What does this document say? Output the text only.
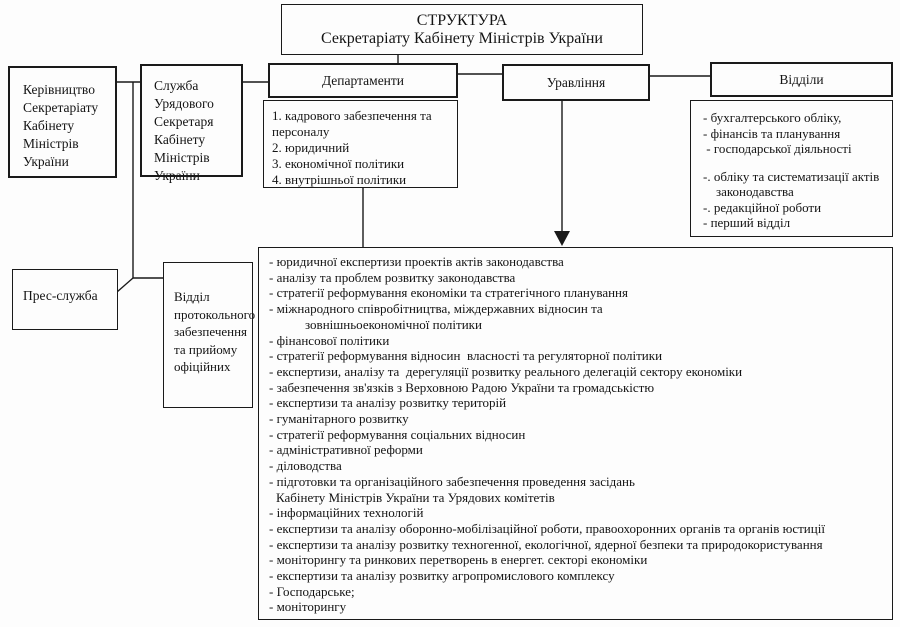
СТРУКТУРА
Секретаріату Кабінету Міністрів України
Керівництво Секретаріату Кабінету Міністрів України
Служба Урядового Секретаря Кабінету Міністрів України
Департаменти
1. кадрового забезпечення та персоналу
2. юридичний
3. економічної політики
4. внутрішньої політики
Уравління	Відділи
- бухгалтерського обліку,
- фінансів та планування
- господарської діяльності
-. обліку та систематизації актів законодавства
-. редакційної роботи
- перший відділ
Прес-служба	Відділ протокольного забезпечення та прийому офіційних
- юридичної експертизи проектів актів законодавства
- аналізу та проблем розвитку законодавства
- стратегії реформування економіки та стратегічного планування
- міжнародного співробітництва, міждержавних відносин та
зовнішньоекономічної політики
- фінансової політики
- стратегії реформування відносин  власності та регуляторної політики
- експертизи, аналізу та  дерегуляції розвитку реального делегацій сектору економіки
- забезпечення зв'язків з Верховною Радою України та громадськістю
- експертизи та аналізу розвитку територій
- гуманітарного розвитку
- стратегії реформування соціальних відносин
- адміністративної реформи
- діловодства
- підготовки та організаційного забезпечення проведення засідань
Кабінету Міністрів України та Урядових комітетів
- інформаційних технологій
- експертизи та аналізу оборонно-мобілізаційної роботи, правоохоронних органів та органів юстиції
- експертизи та аналізу розвитку техногенної, екологічної, ядерної безпеки та природокористування
- моніторингу та ринкових перетворень в енергет. секторі економіки
- експертизи та аналізу розвитку агропромислового комплексу
- Господарське;
- моніторингу
